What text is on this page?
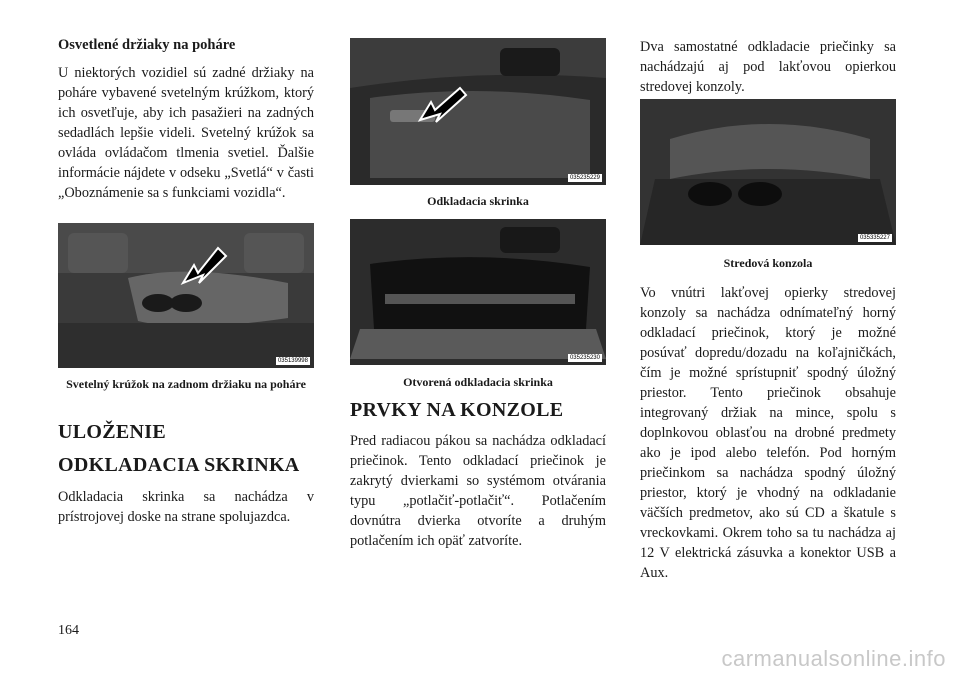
Osvetlené držiaky na poháre

U niektorých vozidiel sú zadné držiaky na poháre vybavené svetelným krúžkom, ktorý ich osvetľuje, aby ich pasažieri na zadných sedadlách lepšie videli. Svetelný krúžok sa ovláda ovládačom tlmenia svetiel. Ďalšie informácie nájdete v odseku „Svetlá“ v časti „Oboznámenie sa s funkciami vozidla“.

035139998
Svetelný krúžok na zadnom držiaku na poháre
ULOŽENIE
ODKLADACIA SKRINKA

Odkladacia skrinka sa nachádza v prístrojovej doske na strane spolujazdca.

035235229
Odkladacia skrinka
035235230
Otvorená odkladacia skrinka
PRVKY NA KONZOLE

Pred radiacou pákou sa nachádza odkladací priečinok. Tento odkladací priečinok je zakrytý dvierkami so systémom otvárania typu „potlačiť-potlačiť“. Potlačením dovnútra dvierka otvoríte a druhým potlačením ich opäť zatvoríte.

Dva samostatné odkladacie priečinky sa nachádzajú aj pod lakťovou opierkou stredovej konzoly.

035335227
Stredová konzola

Vo vnútri lakťovej opierky stredovej konzoly sa nachádza odnímateľný horný odkladací priečinok, ktorý je možné posúvať dopredu/dozadu na koľajničkách, čím je možné sprístupniť spodný úložný priestor. Tento priečinok obsahuje integrovaný držiak na mince, spolu s doplnkovou oblasťou na drobné predmety ako je ipod alebo telefón. Pod horným priečinkom sa nachádza spodný úložný priestor, ktorý je vhodný na odkladanie väčších predmetov, ako sú CD a škatule s vreckovkami. Okrem toho sa tu nachádza aj 12 V elektrická zásuvka a konektor USB a Aux.

164
carmanualsonline.info
